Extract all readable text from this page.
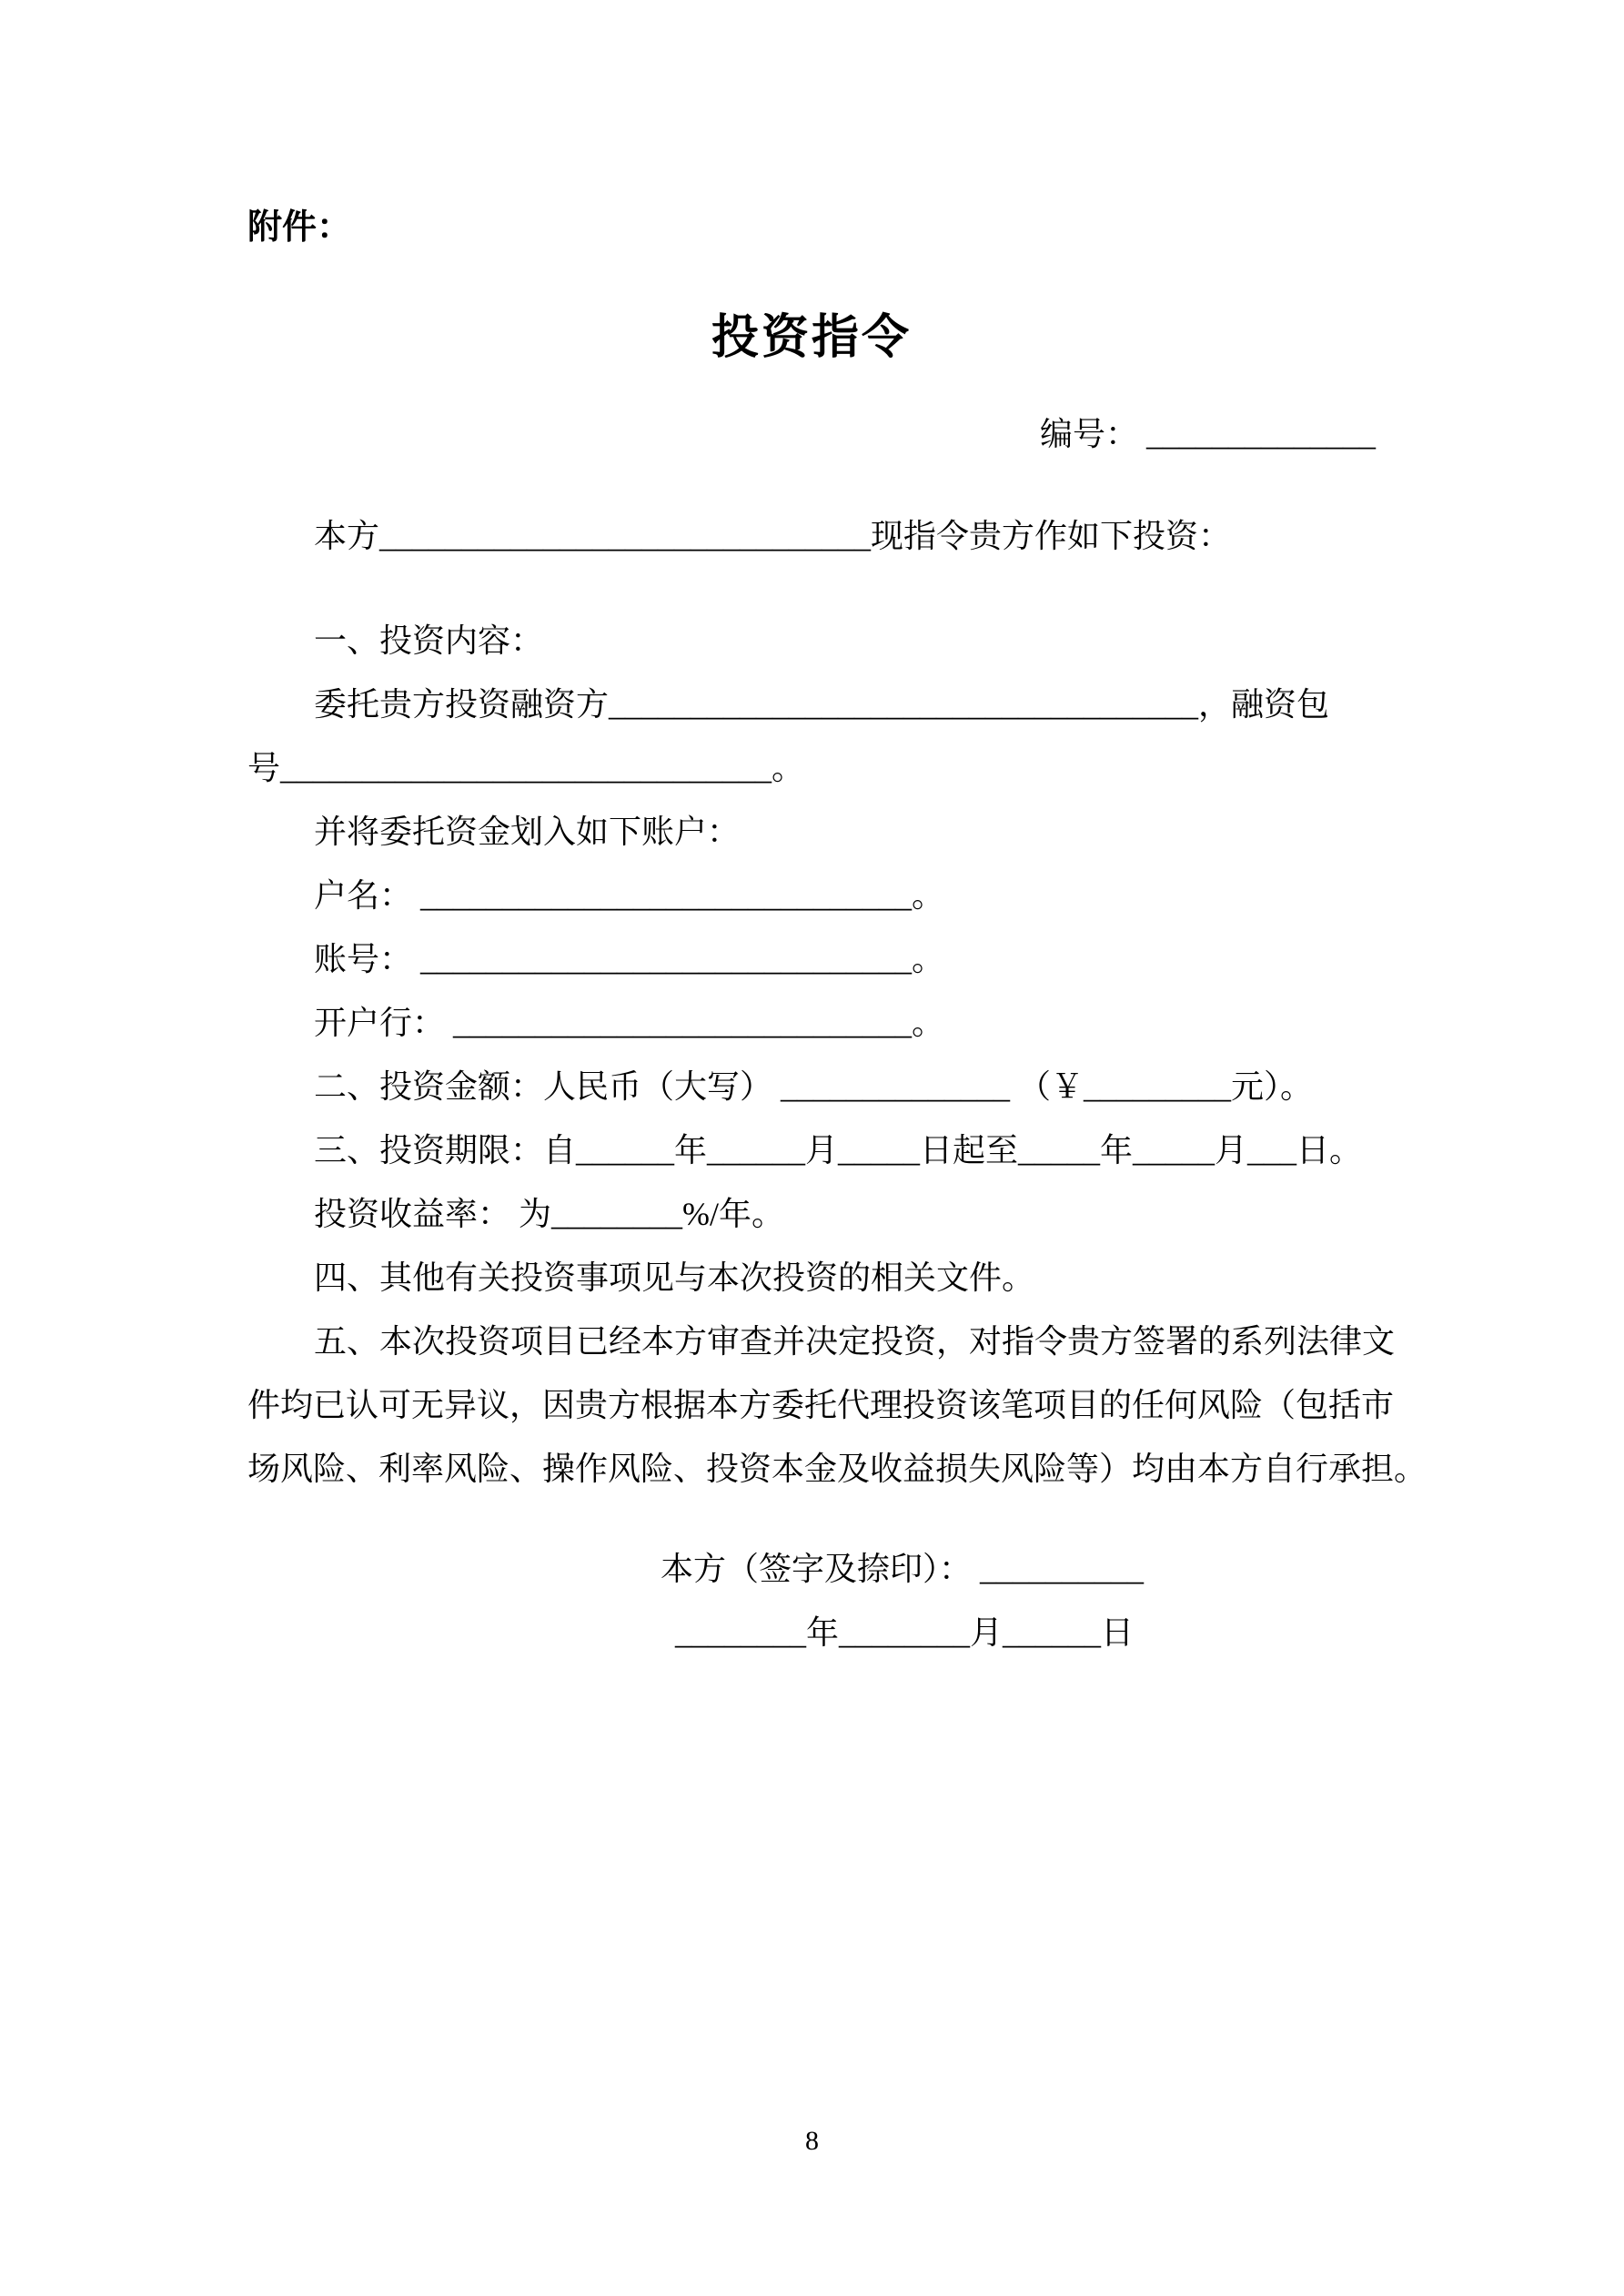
附件：
投资指令
编号： ______________
本方______________________________现指令贵方作如下投资：
一、投资内容：
委托贵方投资融资方____________________________________，融资包
号______________________________。
并将委托资金划入如下账户：
户名： ______________________________。
账号： ______________________________。
开户行： ____________________________。
二、投资金额：人民币（大写） ______________ （￥_________元）。
三、投资期限：自______年______月_____日起至_____年_____月___日。
投资收益率： 为________%/年。
四、其他有关投资事项见与本次投资的相关文件。
五、本次投资项目已经本方审查并决定投资，对指令贵方签署的系列法律文
件均已认可无异议，因贵方根据本方委托代理投资该笔项目的任何风险（包括市
场风险、利率风险、操作风险、投资本金及收益损失风险等）均由本方自行承担。
本方（签字及捺印）： __________
________年________月______日
8
